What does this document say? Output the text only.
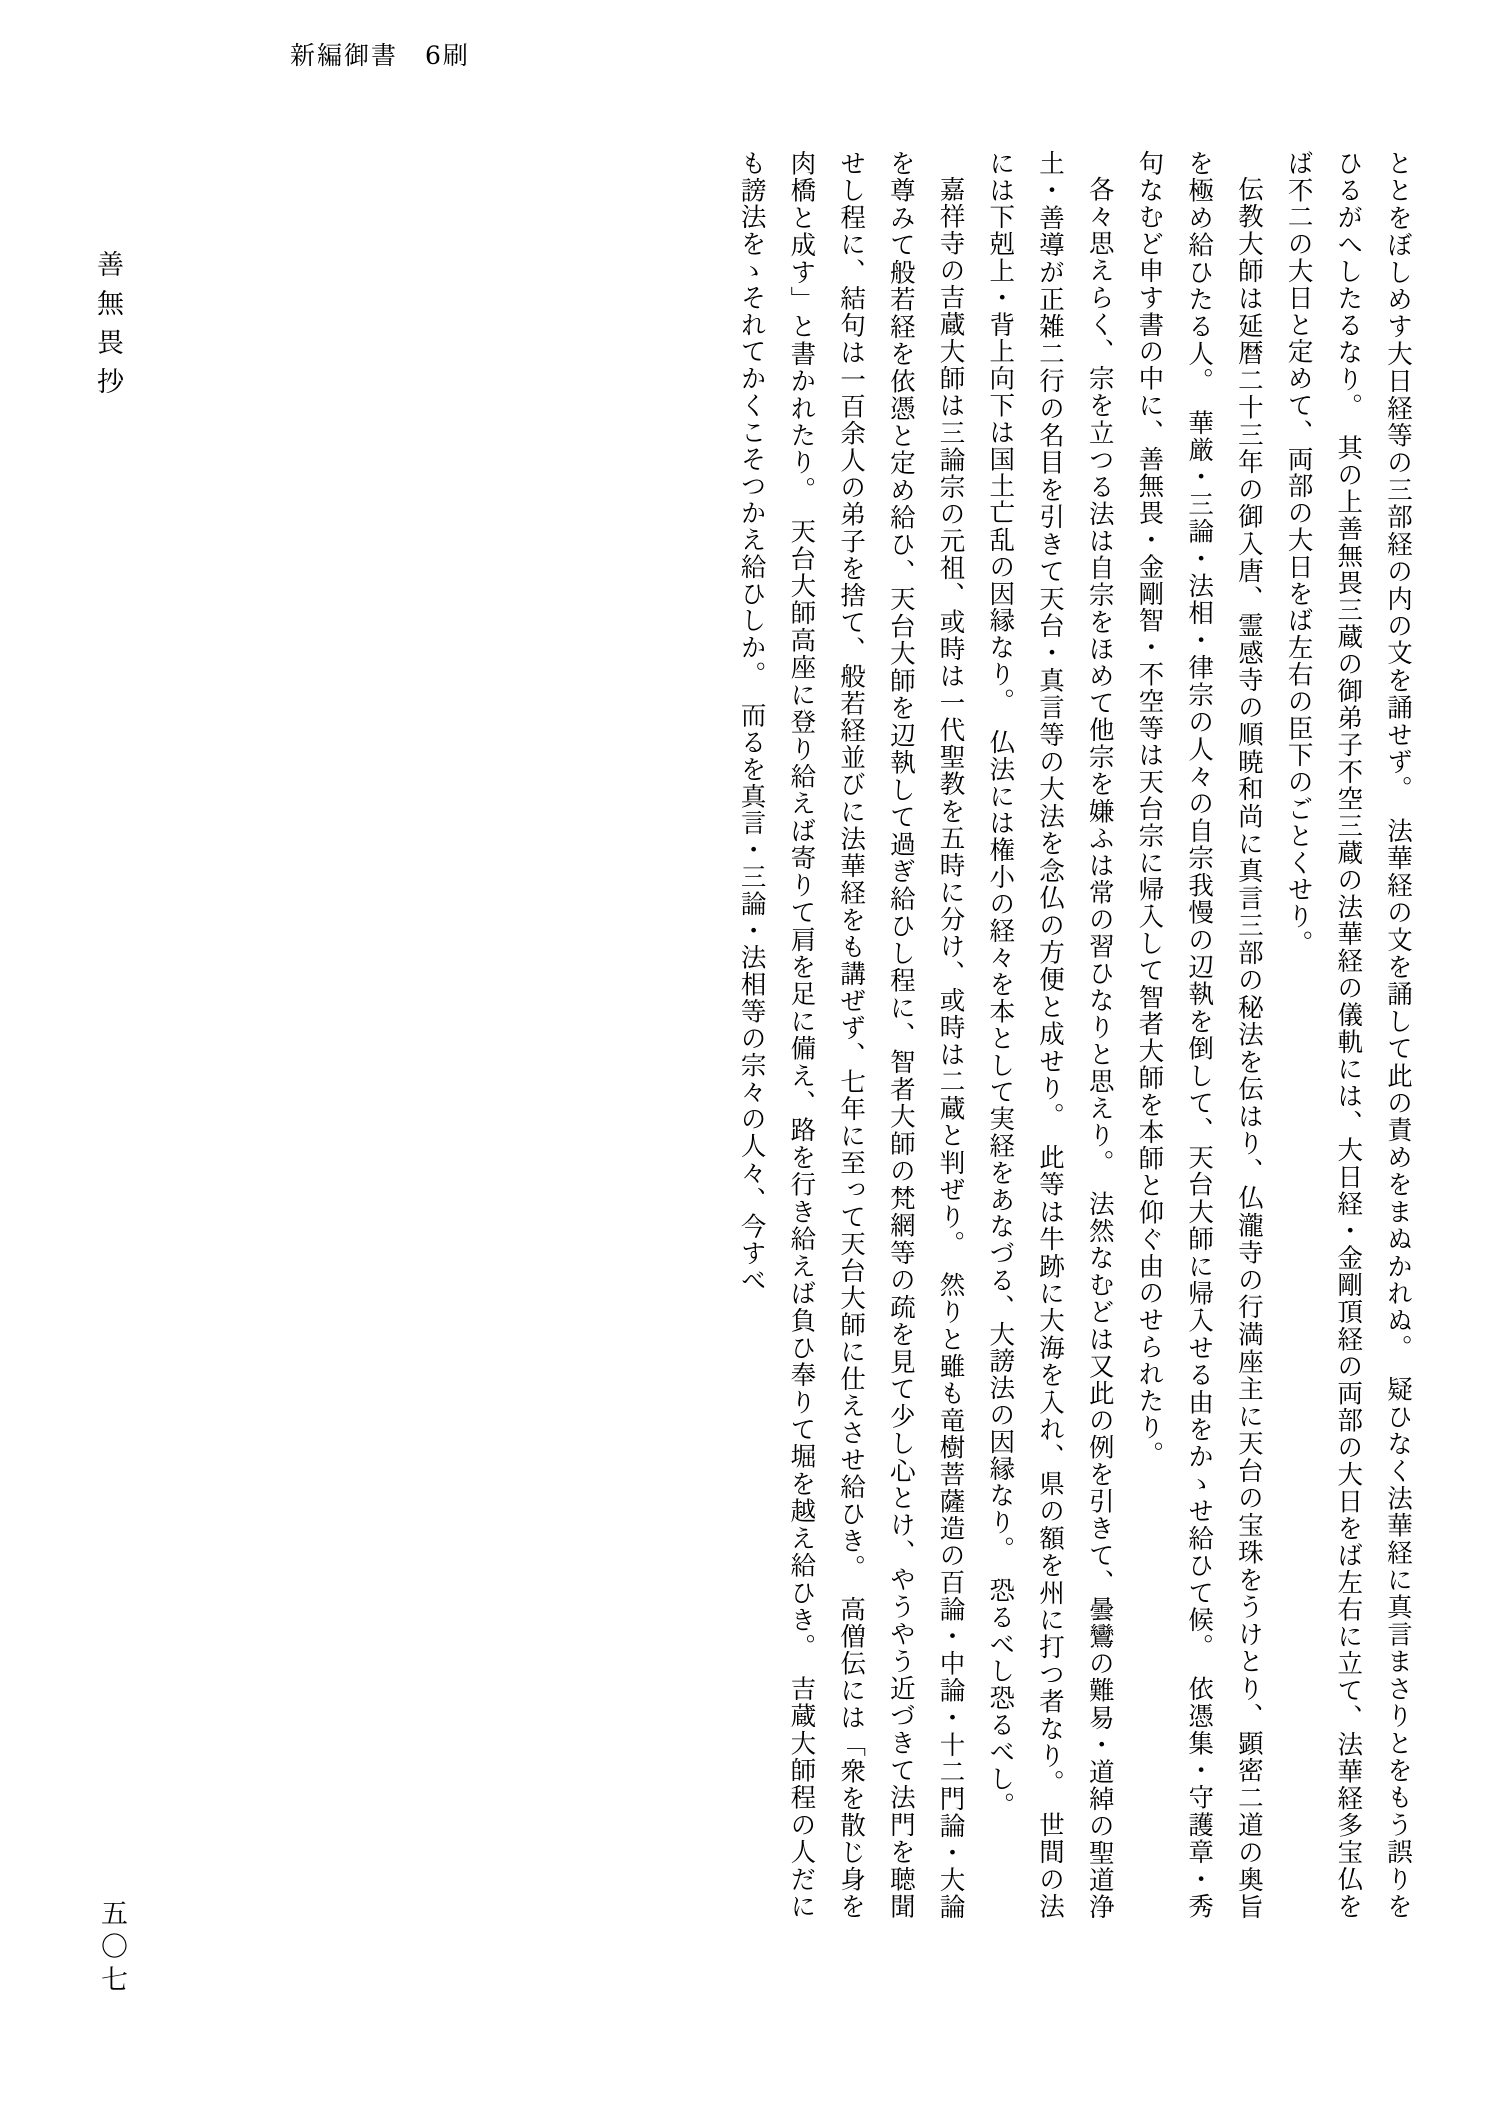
新編御書　6刷

ととをぼしめす大日経等の三部経の内の文を誦せず。　法華経の文を誦して此の責めをまぬかれぬ。　疑ひなく法華経に真言まさりとをもう誤りをひるがへしたるなり。　其の上善無畏三蔵の御弟子不空三蔵の法華経の儀軌には、大日経・金剛頂経の両部の大日をば左右に立て、法華経多宝仏をば不二の大日と定めて、両部の大日をば左右の臣下のごとくせり。

伝教大師は延暦二十三年の御入唐、霊感寺の順暁和尚に真言三部の秘法を伝はり、仏瀧寺の行満座主に天台の宝珠をうけとり、顕密二道の奥旨を極め給ひたる人。　華厳・三論・法相・律宗の人々の自宗我慢の辺執を倒して、天台大師に帰入せる由をかゝせ給ひて候。　依憑集・守護章・秀句なむど申す書の中に、善無畏・金剛智・不空等は天台宗に帰入して智者大師を本師と仰ぐ由のせられたり。

各々思えらく、宗を立つる法は自宗をほめて他宗を嫌ふは常の習ひなりと思えり。　法然なむどは又此の例を引きて、曇鸞の難易・道綽の聖道浄土・善導が正雑二行の名目を引きて天台・真言等の大法を念仏の方便と成せり。　此等は牛跡に大海を入れ、県の額を州に打つ者なり。　世間の法には下剋上・背上向下は国土亡乱の因縁なり。　仏法には権小の経々を本として実経をあなづる、大謗法の因縁なり。　恐るべし恐るべし。

嘉祥寺の吉蔵大師は三論宗の元祖、或時は一代聖教を五時に分け、或時は二蔵と判ぜり。　然りと雖も竜樹菩薩造の百論・中論・十二門論・大論を尊みて般若経を依憑と定め給ひ、天台大師を辺執して過ぎ給ひし程に、智者大師の梵網等の疏を見て少し心とけ、やうやう近づきて法門を聴聞せし程に、結句は一百余人の弟子を捨て、般若経並びに法華経をも講ぜず、七年に至って天台大師に仕えさせ給ひき。　高僧伝には「衆を散じ身を肉橋と成す」と書かれたり。　天台大師高座に登り給えば寄りて肩を足に備え、路を行き給えば負ひ奉りて堀を越え給ひき。　吉蔵大師程の人だにも謗法をゝそれてかくこそつかえ給ひしか。　而るを真言・三論・法相等の宗々の人々、今すべ

善無畏抄
五〇七
